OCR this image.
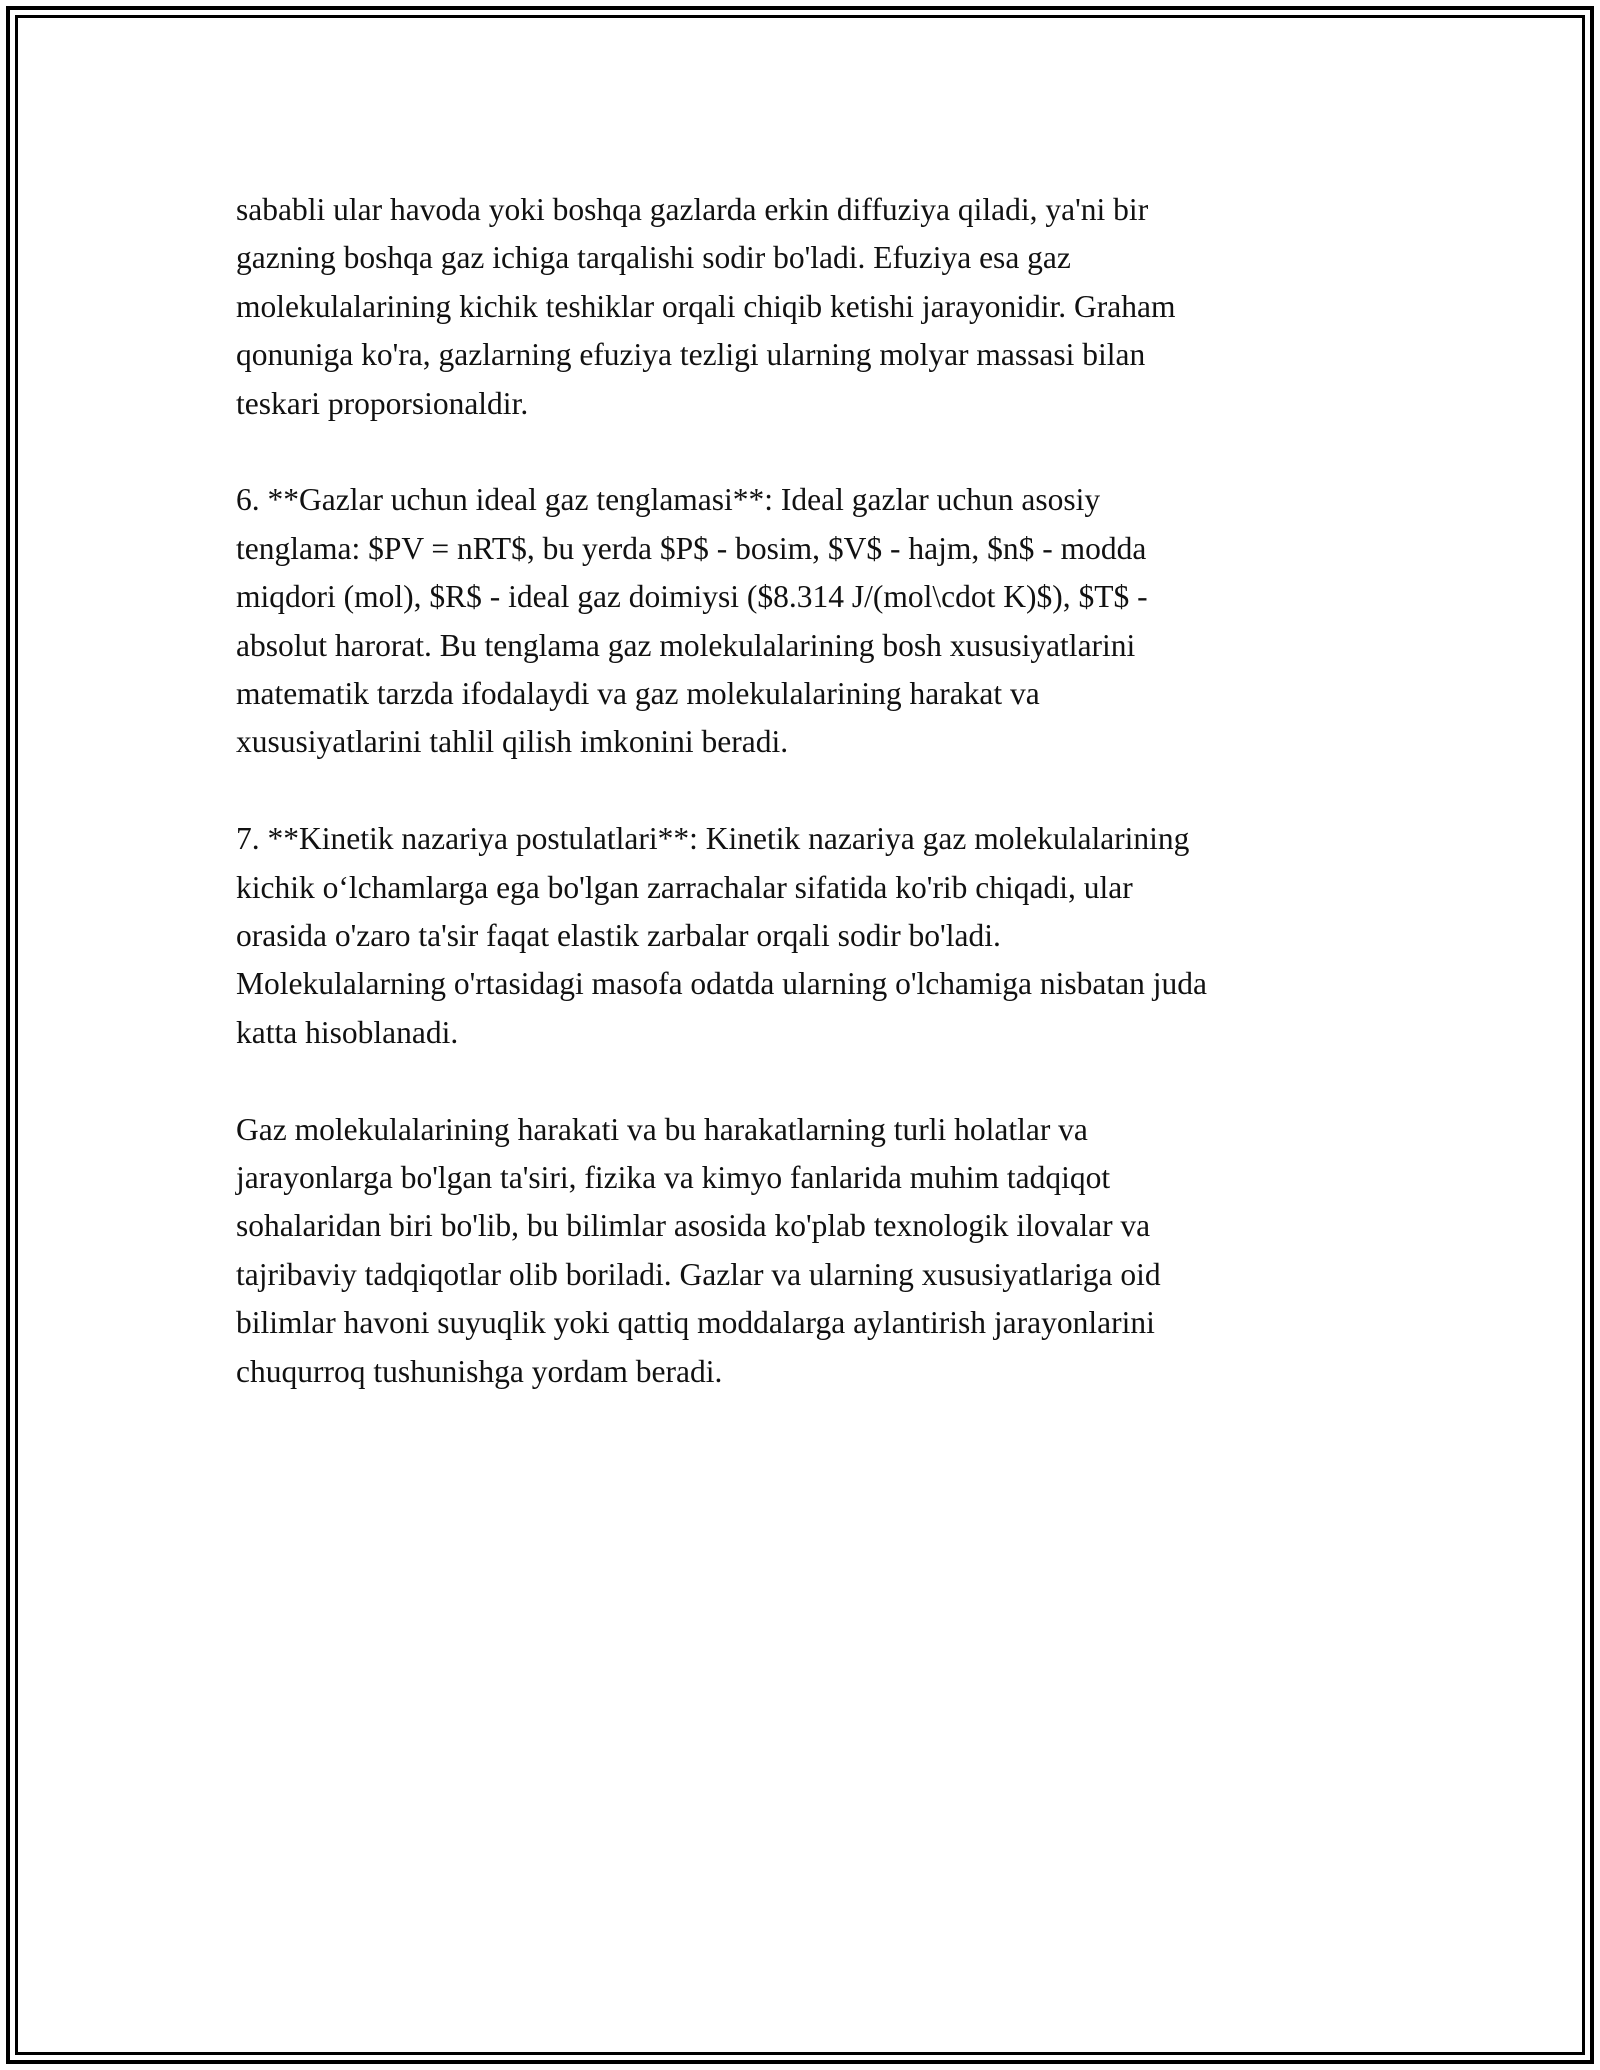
sababli ular havoda yoki boshqa gazlarda erkin diffuziya qiladi, ya'ni bir
gazning boshqa gaz ichiga tarqalishi sodir bo'ladi. Efuziya esa gaz
molekulalarining kichik teshiklar orqali chiqib ketishi jarayonidir. Graham
qonuniga ko'ra, gazlarning efuziya tezligi ularning molyar massasi bilan
teskari proporsionaldir.

6. **Gazlar uchun ideal gaz tenglamasi**: Ideal gazlar uchun asosiy
tenglama: $PV = nRT$, bu yerda $P$ - bosim, $V$ - hajm, $n$ - modda
miqdori (mol), $R$ - ideal gaz doimiysi ($8.314 J/(mol\cdot K)$), $T$ -
absolut harorat. Bu tenglama gaz molekulalarining bosh xususiyatlarini
matematik tarzda ifodalaydi va gaz molekulalarining harakat va
xususiyatlarini tahlil qilish imkonini beradi.

7. **Kinetik nazariya postulatlari**: Kinetik nazariya gaz molekulalarining
kichik o‘lchamlarga ega bo'lgan zarrachalar sifatida ko'rib chiqadi, ular
orasida o'zaro ta'sir faqat elastik zarbalar orqali sodir bo'ladi.
Molekulalarning o'rtasidagi masofa odatda ularning o'lchamiga nisbatan juda
katta hisoblanadi.

Gaz molekulalarining harakati va bu harakatlarning turli holatlar va
jarayonlarga bo'lgan ta'siri, fizika va kimyo fanlarida muhim tadqiqot
sohalaridan biri bo'lib, bu bilimlar asosida ko'plab texnologik ilovalar va
tajribaviy tadqiqotlar olib boriladi. Gazlar va ularning xususiyatlariga oid
bilimlar havoni suyuqlik yoki qattiq moddalarga aylantirish jarayonlarini
chuqurroq tushunishga yordam beradi.
